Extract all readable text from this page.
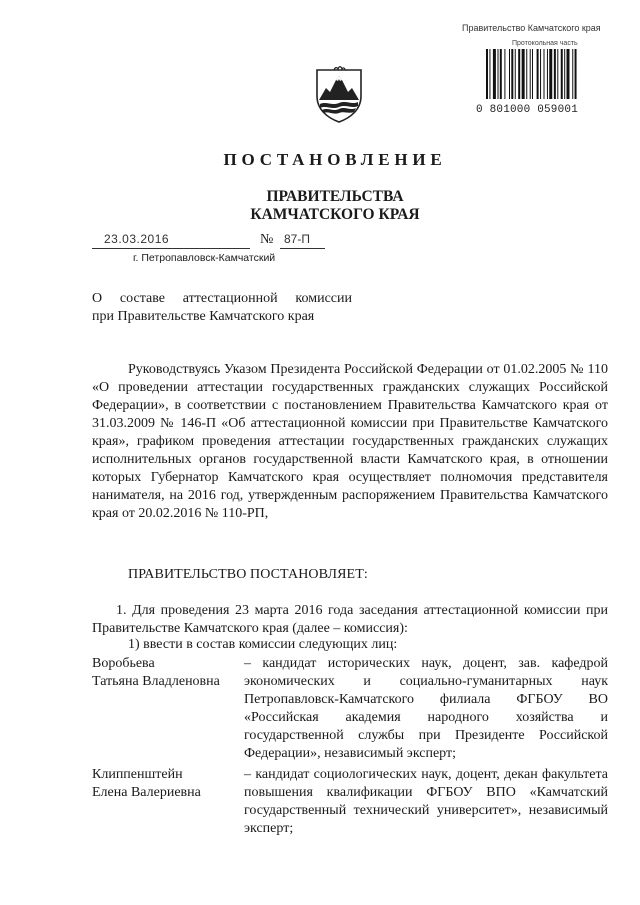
Правительство Камчатского края
Протокольная часть
0 801000 059001
ПОСТАНОВЛЕНИЕ
ПРАВИТЕЛЬСТВА
КАМЧАТСКОГО КРАЯ
23.03.2016	№ 87-П
г. Петропавловск-Камчатский
О составе аттестационной комиссии
при Правительстве Камчатского края

Руководствуясь Указом Президента Российской Федерации от 01.02.2005 № 110 «О проведении аттестации государственных гражданских служащих Российской Федерации», в соответствии с постановлением Правительства Камчатского края от 31.03.2009 № 146-П «Об аттестационной комиссии при Правительстве Камчатского края», графиком проведения аттестации государственных гражданских служащих исполнительных органов государственной власти Камчатского края, в отношении которых Губернатор Камчатского края осуществляет полномочия представителя нанимателя, на 2016 год, утвержденным распоряжением Правительства Камчатского края от 20.02.2016 № 110-РП,

ПРАВИТЕЛЬСТВО ПОСТАНОВЛЯЕТ:

1. Для проведения 23 марта 2016 года заседания аттестационной комиссии при Правительстве Камчатского края (далее – комиссия):

1) ввести в состав комиссии следующих лиц:
Воробьева
Татьяна Владленовна

– кандидат исторических наук, доцент, зав. кафедрой экономических и социально-гуманитарных наук Петропавловск-Камчатского филиала ФГБОУ ВО «Российская академия народного хозяйства и государственной службы при Президенте Российской Федерации», независимый эксперт;

Клиппенштейн
Елена Валериевна

– кандидат социологических наук, доцент, декан факультета повышения квалификации ФГБОУ ВПО «Камчатский государственный технический университет», независимый эксперт;
